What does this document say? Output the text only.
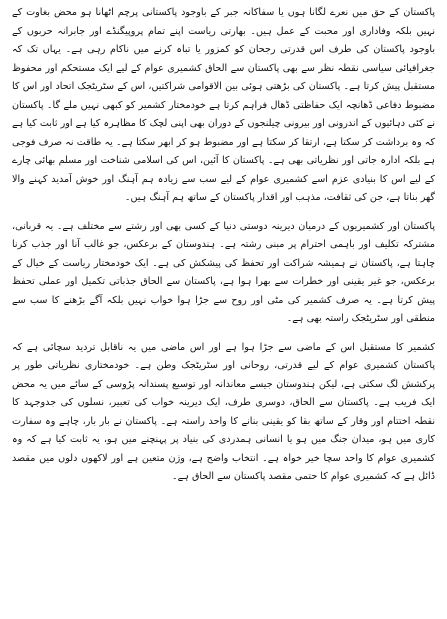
پاکستان کے حق میں نعرے لگانا ہوں یا سفاکانہ جبر کے باوجود پاکستانی پرچم اٹھانا ہو محض بغاوت کے نہیں بلکہ وفاداری اور محبت کے عمل ہیں۔ بھارتی ریاست اپنے تمام پروپیگنڈے اور جابرانہ حربوں کے باوجود پاکستان کی طرف اس قدرتی رجحان کو کمزور یا تباہ کرنے میں ناکام رہی ہے۔ یہاں تک کہ جغرافیائی سیاسی نقطہ نظر سے بھی پاکستان سے الحاق کشمیری عوام کے لیے ایک مستحکم اور محفوظ مستقبل پیش کرتا ہے۔ پاکستان کی بڑھتی ہوئی بین الاقوامی شراکتیں، اس کے سٹریٹجک اتحاد اور اس کا مضبوط دفاعی ڈھانچہ ایک حفاظتی ڈھال فراہم کرتا ہے خودمختار کشمیر کو کبھی نہیں ملے گا۔ پاکستان نے کئی دہائیوں کے اندرونی اور بیرونی چیلنجوں کے دوران بھی اپنی لچک کا مظاہرہ کیا ہے اور ثابت کیا ہے کہ وہ برداشت کر سکتا ہے، ارتقا کر سکتا ہے اور مضبوط ہو کر ابھر سکتا ہے۔ یہ طاقت نہ صرف فوجی ہے بلکہ ادارہ جاتی اور نظریاتی بھی ہے۔ پاکستان کا آئین، اس کی اسلامی شناخت اور مسلم بھائی چارے کے لیے اس کا بنیادی عزم اسے کشمیری عوام کے لیے سب سے زیادہ ہم آہنگ اور خوش آمدید کہنے والا گھر بناتا ہے، جن کی ثقافت، مذہب اور اقدار پاکستان کے ساتھ ہم آہنگ ہیں۔

پاکستان اور کشمیریوں کے درمیان دیرینہ دوستی دنیا کے کسی بھی اور رشتے سے مختلف ہے۔ یہ قربانی، مشترکہ تکلیف اور باہمی احترام پر مبنی رشتہ ہے۔ ہندوستان کے برعکس، جو غالب آنا اور جذب کرنا چاہتا ہے، پاکستان نے ہمیشہ شراکت اور تحفظ کی پیشکش کی ہے۔ ایک خودمختار ریاست کے خیال کے برعکس، جو غیر یقینی اور خطرات سے بھرا ہوا ہے، پاکستان سے الحاق جذباتی تکمیل اور عملی تحفظ پیش کرتا ہے۔ یہ صرف کشمیر کی مٹی اور روح سے جڑا ہوا خواب نہیں بلکہ آگے بڑھنے کا سب سے منطقی اور سٹریٹجک راستہ بھی ہے۔

کشمیر کا مستقبل اس کے ماضی سے جڑا ہوا ہے اور اس ماضی میں یہ ناقابل تردید سچائی ہے کہ پاکستان کشمیری عوام کے لیے قدرتی، روحانی اور سٹریٹجک وطن ہے۔ خودمختاری نظریاتی طور پر پرکشش لگ سکتی ہے، لیکن ہندوستان جیسے معاندانہ اور توسیع پسندانہ پڑوسی کے سائے میں یہ محض ایک فریب ہے۔ پاکستان سے الحاق، دوسری طرف، ایک دیرینہ خواب کی تعبیر، نسلوں کی جدوجہد کا نقطہ اختتام اور وقار کے ساتھ بقا کو یقینی بنانے کا واحد راستہ ہے۔ پاکستان نے بار بار، چاہے وہ سفارت کاری میں ہو، میدان جنگ میں ہو یا انسانی ہمدردی کی بنیاد پر پہنچنے میں ہو، یہ ثابت کیا ہے کہ وہ کشمیری عوام کا واحد سچا خیر خواہ ہے۔ انتخاب واضح ہے، وژن متعین ہے اور لاکھوں دلوں میں مقصد ڈائل ہے کہ کشمیری عوام کا حتمی مقصد پاکستان سے الحاق ہے۔
